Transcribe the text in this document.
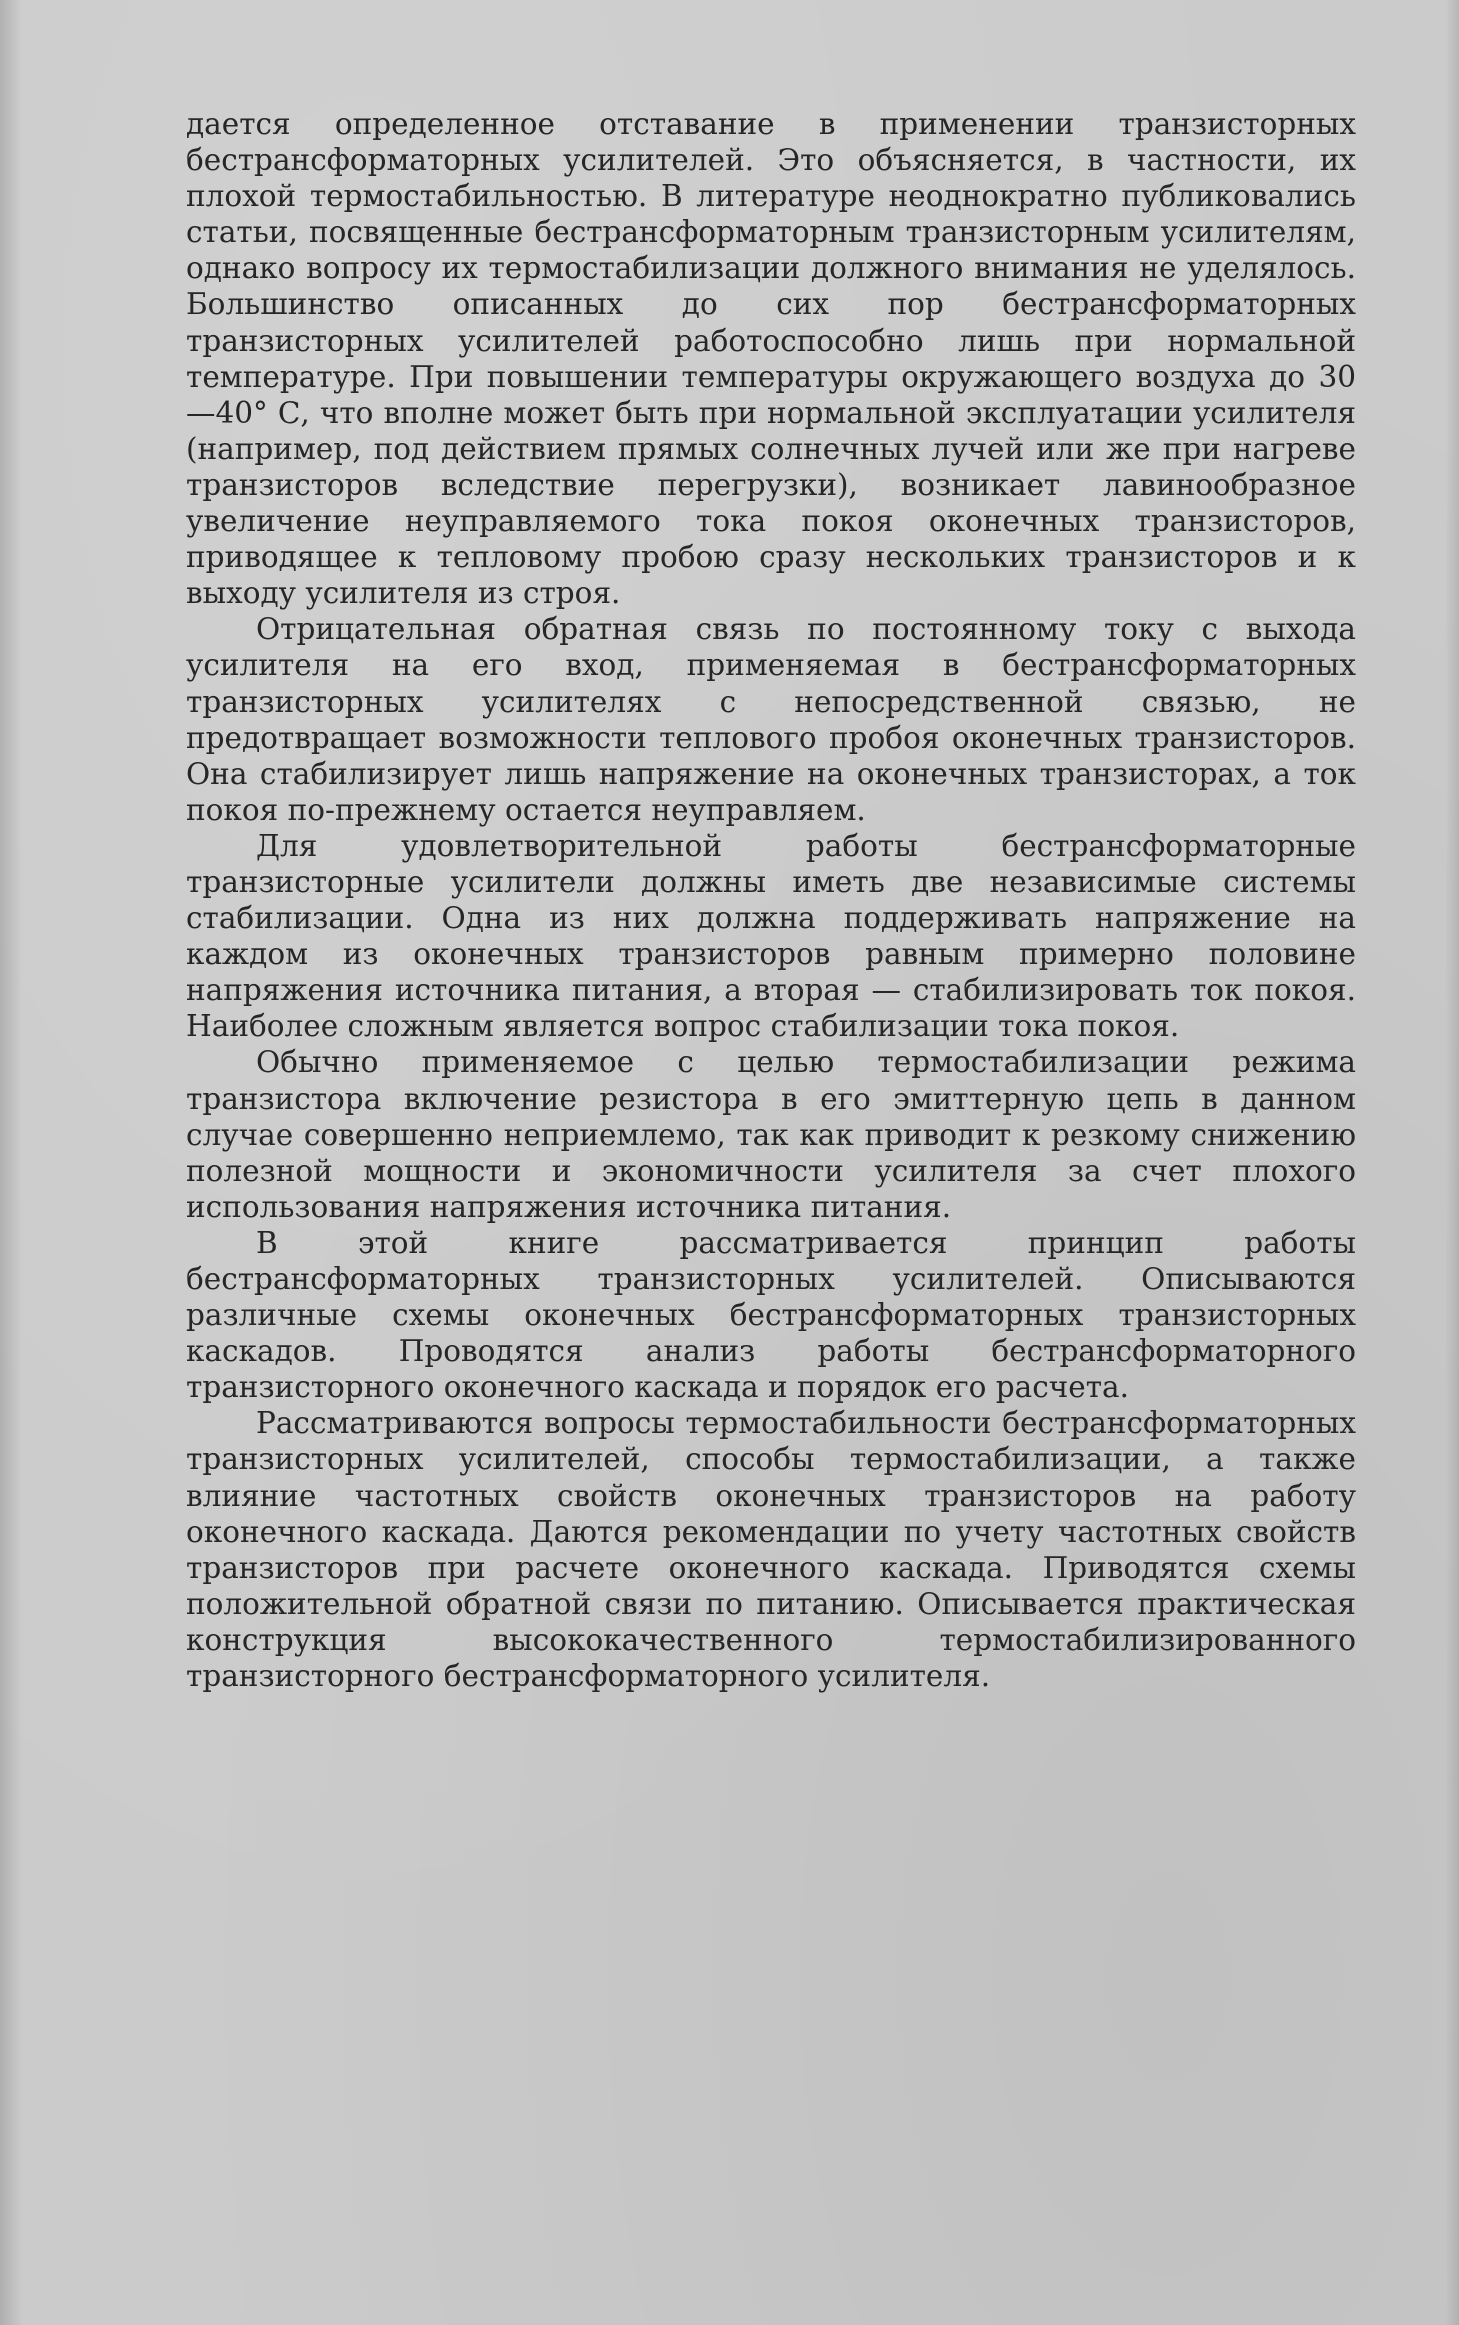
дается определенное отставание в применении транзисторных бестрансформаторных усилителей. Это объясняется, в частности, их плохой термостабильностью. В литературе неоднократно публиковались статьи, посвященные бестрансформаторным транзисторным усилителям, однако вопросу их термостабилизации должного внимания не уделялось. Большинство описанных до сих пор бестрансформаторных транзисторных усилителей работоспособно лишь при нормальной температуре. При повышении температуры окружающего воздуха до 30—40° С, что вполне может быть при нормальной эксплуатации усилителя (например, под действием прямых солнечных лучей или же при нагреве транзисторов вследствие перегрузки), возникает лавинообразное увеличение неуправляемого тока покоя оконечных транзисторов, приводящее к тепловому пробою сразу нескольких транзисторов и к выходу усилителя из строя.

Отрицательная обратная связь по постоянному току с выхода усилителя на его вход, применяемая в бестрансформаторных транзисторных усилителях с непосредственной связью, не предотвращает возможности теплового пробоя оконечных транзисторов. Она стабилизирует лишь напряжение на оконечных транзисторах, а ток покоя по-прежнему остается неуправляем.

Для удовлетворительной работы бестрансформаторные транзисторные усилители должны иметь две независимые системы стабилизации. Одна из них должна поддерживать напряжение на каждом из оконечных транзисторов равным примерно половине напряжения источника питания, а вторая — стабилизировать ток покоя. Наиболее сложным является вопрос стабилизации тока покоя.

Обычно применяемое с целью термостабилизации режима транзистора включение резистора в его эмиттерную цепь в данном случае совершенно неприемлемо, так как приводит к резкому снижению полезной мощности и экономичности усилителя за счет плохого использования напряжения источника питания.

В этой книге рассматривается принцип работы бестрансформаторных транзисторных усилителей. Описываются различные схемы оконечных бестрансформаторных транзисторных каскадов. Проводятся анализ работы бестрансформаторного транзисторного оконечного каскада и порядок его расчета.

Рассматриваются вопросы термостабильности бестрансформаторных транзисторных усилителей, способы термостабилизации, а также влияние частотных свойств оконечных транзисторов на работу оконечного каскада. Даются рекомендации по учету частотных свойств транзисторов при расчете оконечного каскада. Приводятся схемы положительной обратной связи по питанию. Описывается практическая конструкция высококачественного термостабилизированного транзисторного бестрансформаторного усилителя.
